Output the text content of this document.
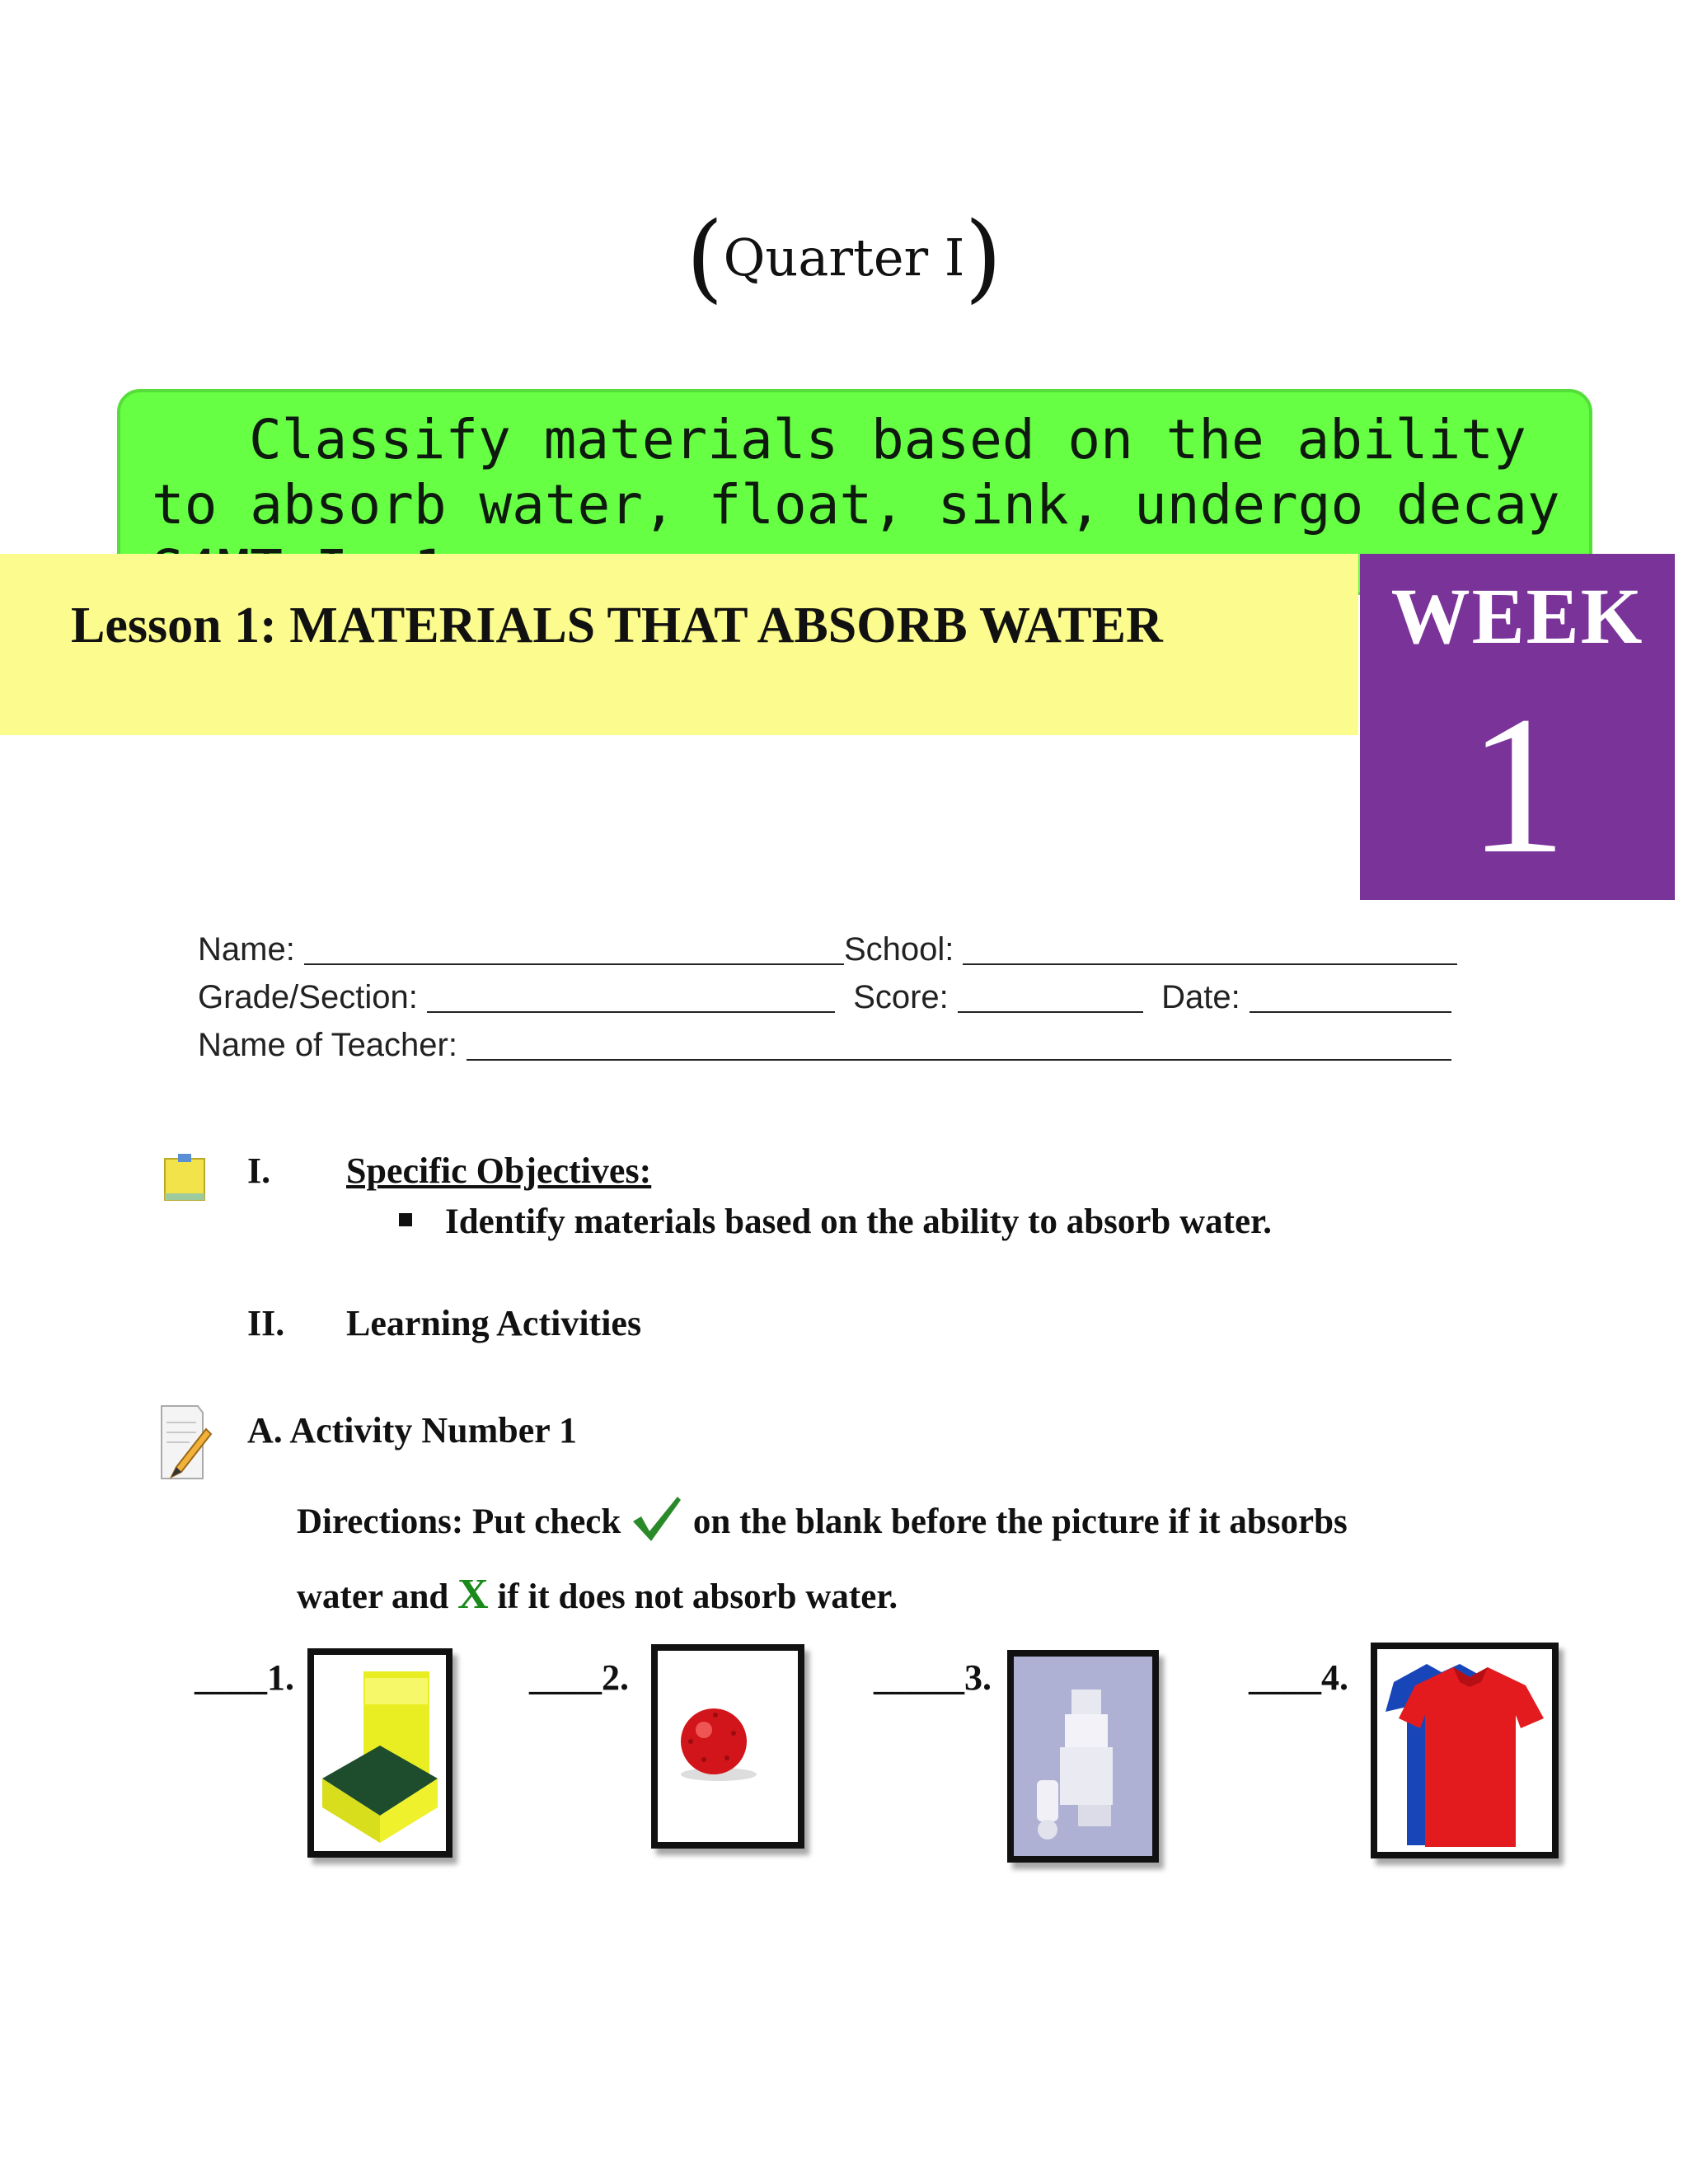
(Quarter I)
Classify materials based on the ability to absorb water, float, sink, undergo decay
Lesson 1: MATERIALS THAT ABSORB WATER	WEEK
1
Name:	School:
Grade/Section:	Score:	Date:
Name of Teacher:
I. Specific Objectives:
Identify materials based on the ability to absorb water.
II. Learning Activities
A. Activity Number 1
Directions: Put check on the blank before the picture if it absorbs
water and X if it does not absorb water.
____1.	____2.	_____3.	____4.
